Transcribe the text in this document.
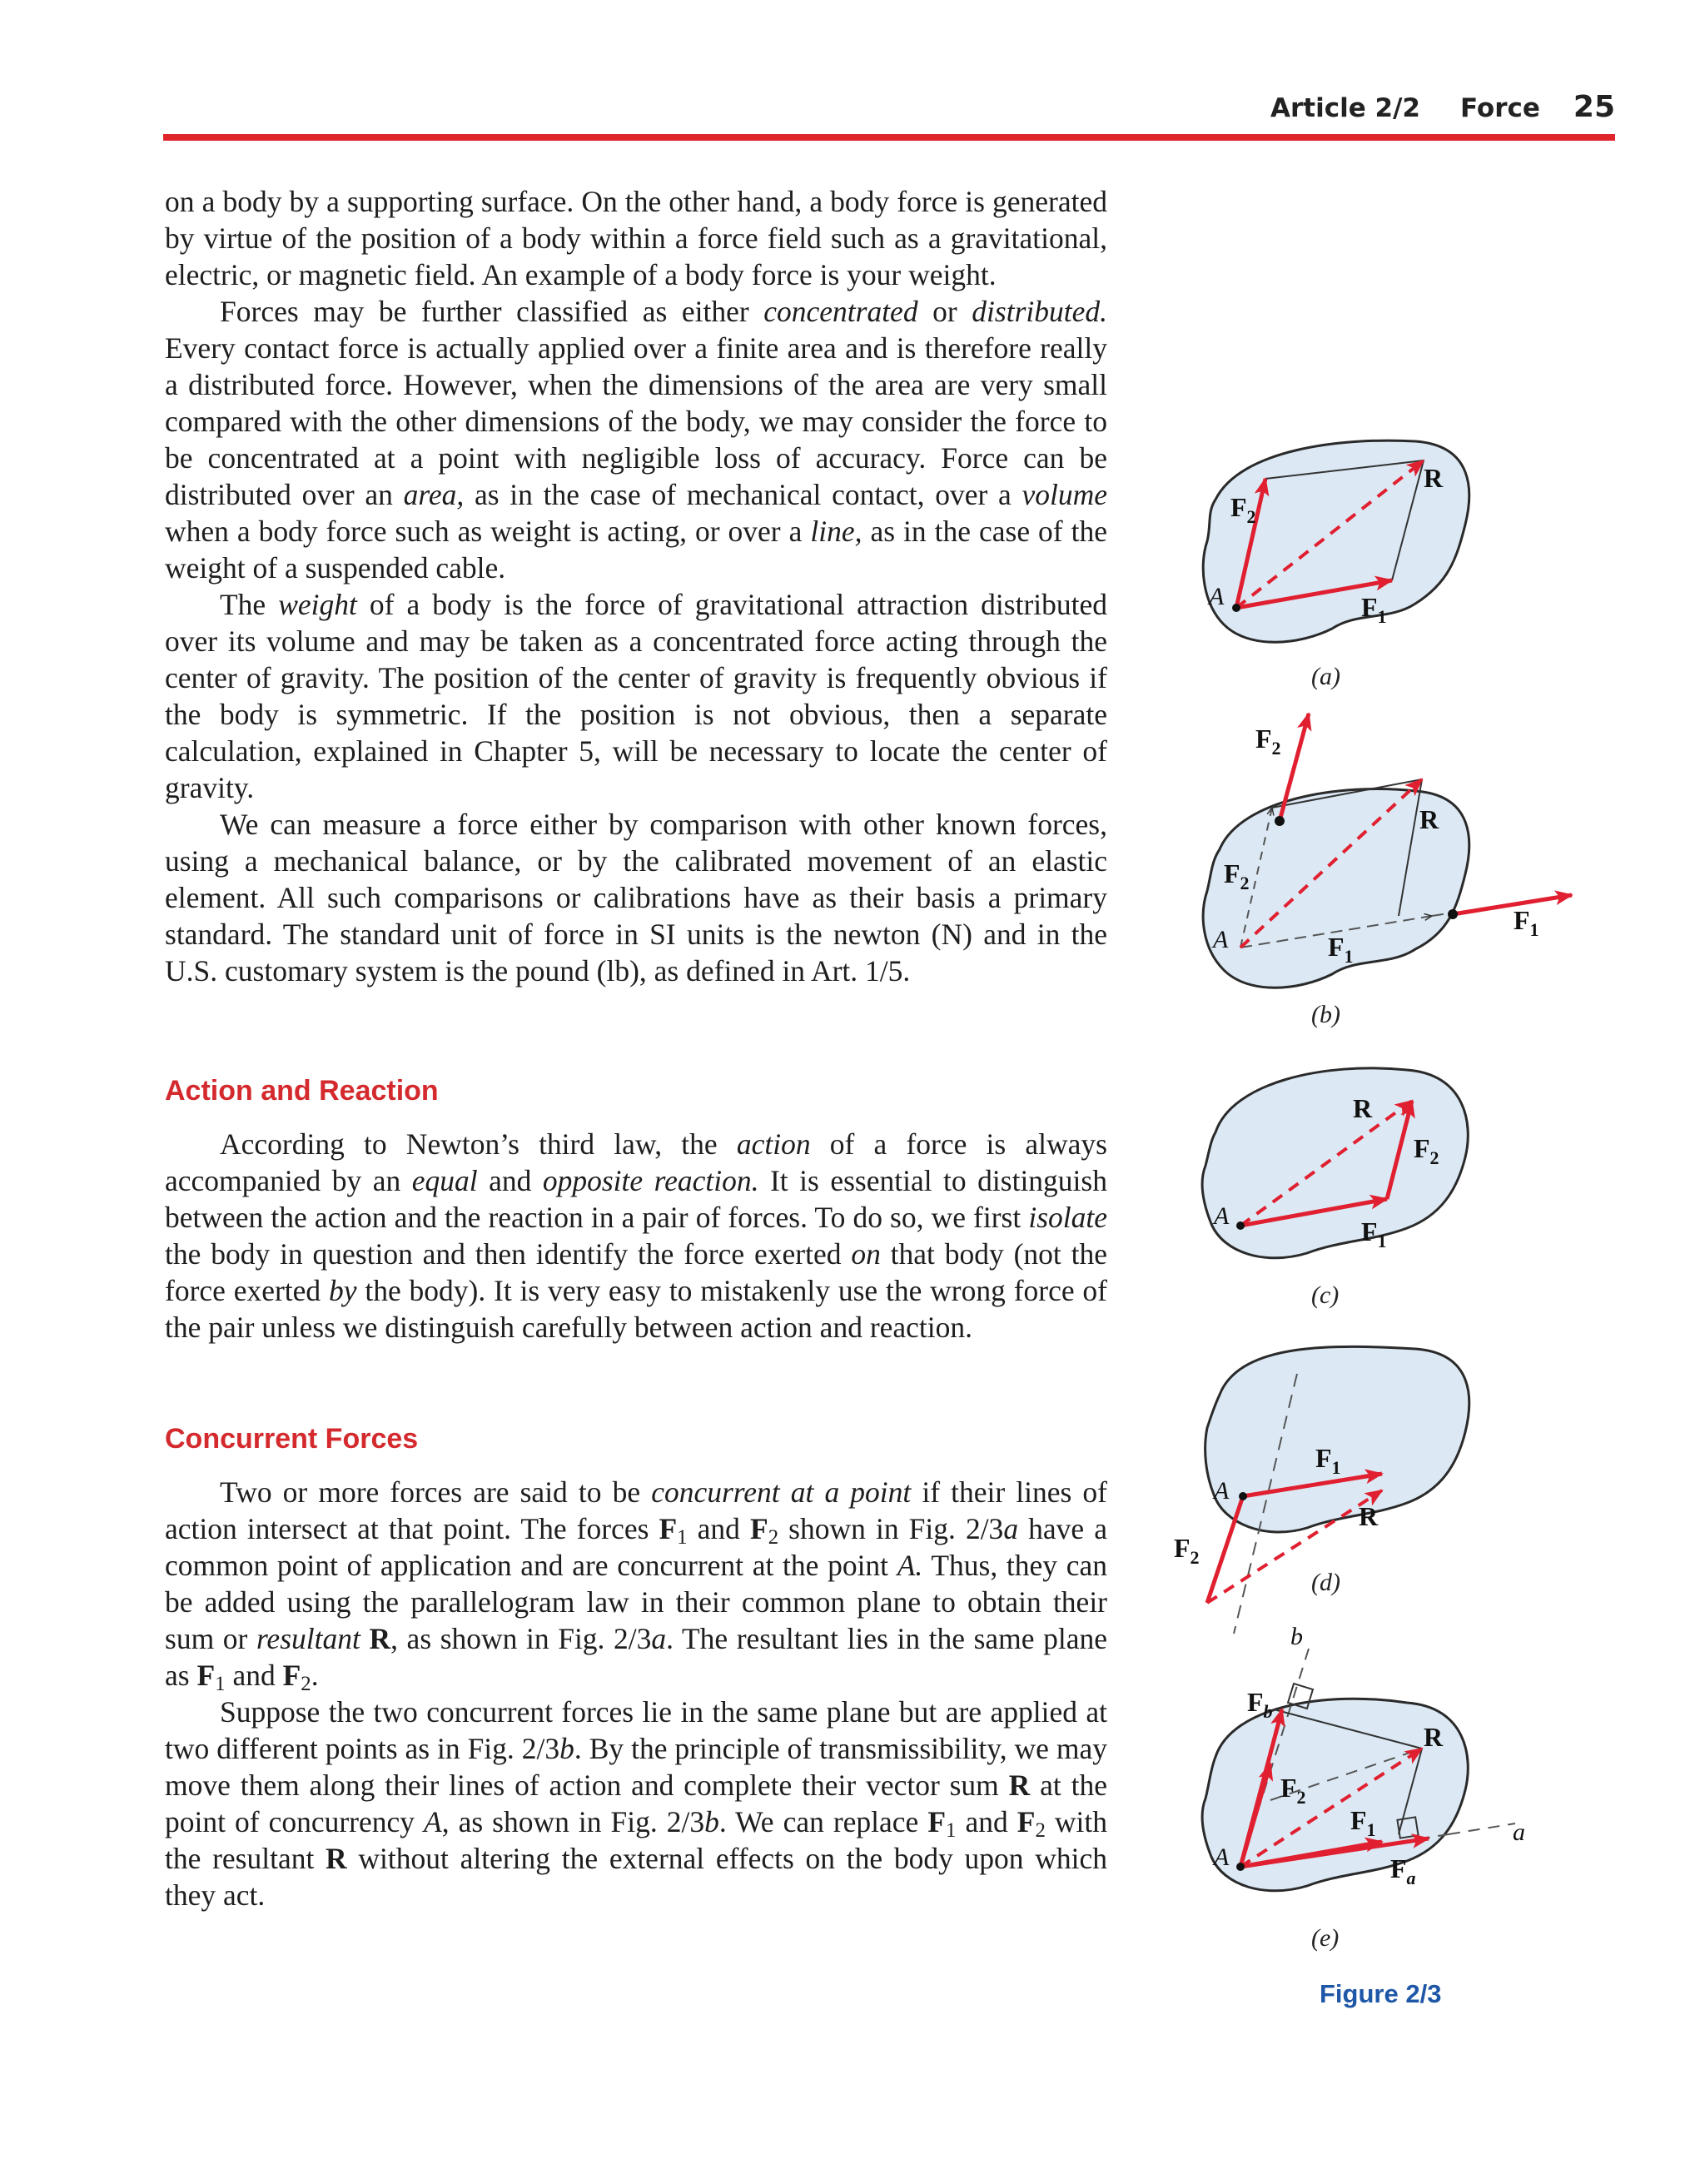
Article 2/2 Force 25

on a body by a supporting surface. On the other hand, a body force is generated by virtue of the position of a body within a force field such as a gravitational, electric, or magnetic field. An example of a body force is your weight.

Forces may be further classified as either concentrated or distributed. Every contact force is actually applied over a finite area and is therefore really a distributed force. However, when the dimensions of the area are very small compared with the other dimensions of the body, we may consider the force to be concentrated at a point with negligible loss of accuracy. Force can be distributed over an area, as in the case of mechanical contact, over a volume when a body force such as weight is acting, or over a line, as in the case of the weight of a suspended cable.

The weight of a body is the force of gravitational attraction distributed over its volume and may be taken as a concentrated force acting through the center of gravity. The position of the center of gravity is frequently obvious if the body is symmetric. If the position is not obvious, then a separate calculation, explained in Chapter 5, will be necessary to locate the center of gravity.

We can measure a force either by comparison with other known forces, using a mechanical balance, or by the calibrated movement of an elastic element. All such comparisons or calibrations have as their basis a primary standard. The standard unit of force in SI units is the newton (N) and in the U.S. customary system is the pound (lb), as defined in Art. 1/5.

Action and Reaction

According to Newton’s third law, the action of a force is always accompanied by an equal and opposite reaction. It is essential to distinguish between the action and the reaction in a pair of forces. To do so, we first isolate the body in question and then identify the force exerted on that body (not the force exerted by the body). It is very easy to mistakenly use the wrong force of the pair unless we distinguish carefully between action and reaction.

Concurrent Forces

Two or more forces are said to be concurrent at a point if their lines of action intersect at that point. The forces $F_1$ and $F_2$ shown in Fig. 2/3a have a common point of application and are concurrent at the point A. Thus, they can be added using the parallelogram law in their common plane to obtain their sum or resultant R, as shown in Fig. 2/3a. The resultant lies in the same plane as $F_1$ and $F_2$.

Suppose the two concurrent forces lie in the same plane but are applied at two different points as in Fig. 2/3b. By the principle of transmissibility, we may move them along their lines of action and complete their vector sum R at the point of concurrency A, as shown in Fig. 2/3b. We can replace $F_1$ and $F_2$ with the resultant R without altering the external effects on the body upon which they act.

$F_2$
R
$F_1$
A
(a)
$F_2$
$F_2$
R
$F_1$
$F_1$
A
(b)
R
$F_2$
$F_1$
A
(c)
$F_1$
R
$F_2$
A
(d)
b
$F_b$
$F_2$
R
$F_1$
$F_a$
a
A
(e)
Figure 2/3
